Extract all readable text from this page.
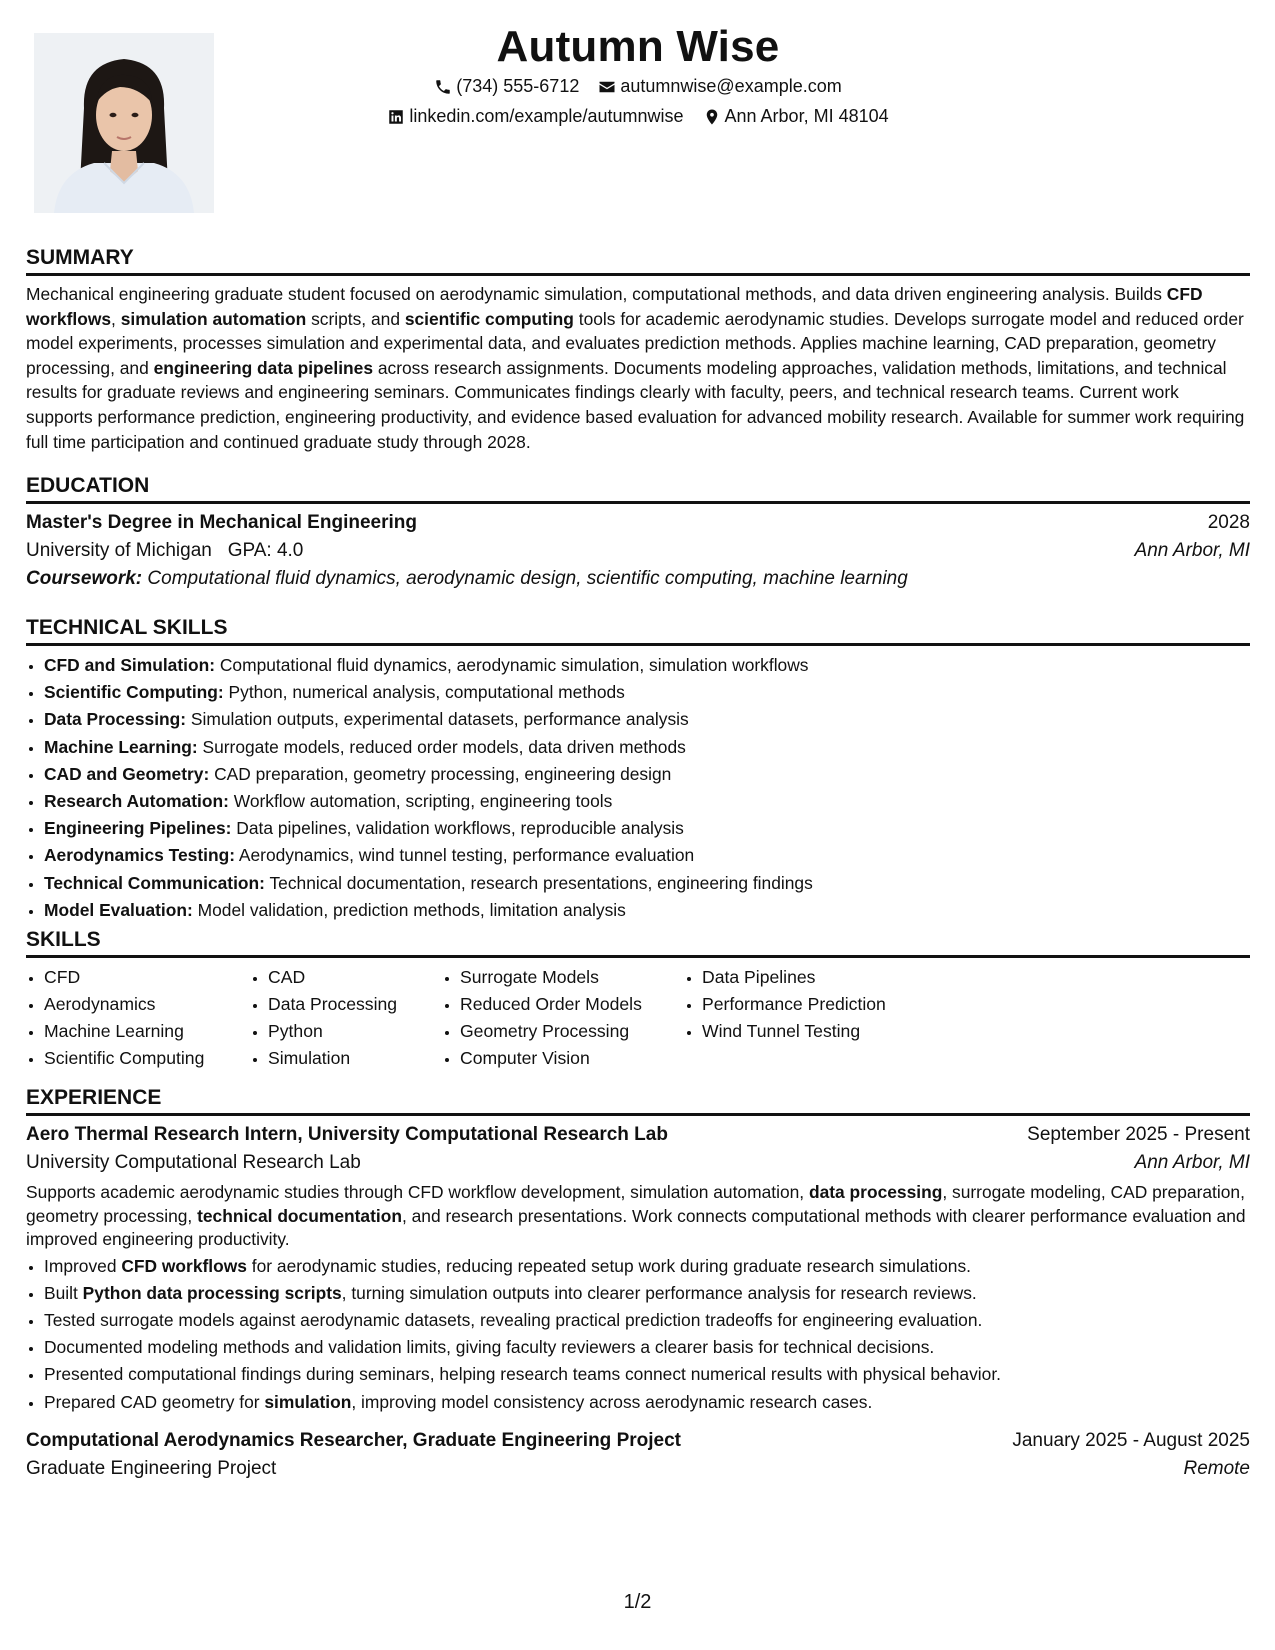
Autumn Wise
(734) 555-6712
autumnwise@example.com
linkedin.com/example/autumnwise
Ann Arbor, MI 48104
SUMMARY

Mechanical engineering graduate student focused on aerodynamic simulation, computational methods, and data driven engineering analysis. Builds CFD workflows, simulation automation scripts, and scientific computing tools for academic aerodynamic studies. Develops surrogate model and reduced order model experiments, processes simulation and experimental data, and evaluates prediction methods. Applies machine learning, CAD preparation, geometry processing, and engineering data pipelines across research assignments. Documents modeling approaches, validation methods, limitations, and technical results for graduate reviews and engineering seminars. Communicates findings clearly with faculty, peers, and technical research teams. Current work supports performance prediction, engineering productivity, and evidence based evaluation for advanced mobility research. Available for summer work requiring full time participation and continued graduate study through 2028.

EDUCATION
Master's Degree in Mechanical Engineering	2028
University of Michigan GPA: 4.0	Ann Arbor, MI
Coursework: Computational fluid dynamics, aerodynamic design, scientific computing, machine learning
TECHNICAL SKILLS
• CFD and Simulation: Computational fluid dynamics, aerodynamic simulation, simulation workflows
• Scientific Computing: Python, numerical analysis, computational methods
• Data Processing: Simulation outputs, experimental datasets, performance analysis
• Machine Learning: Surrogate models, reduced order models, data driven methods
• CAD and Geometry: CAD preparation, geometry processing, engineering design
• Research Automation: Workflow automation, scripting, engineering tools
• Engineering Pipelines: Data pipelines, validation workflows, reproducible analysis
• Aerodynamics Testing: Aerodynamics, wind tunnel testing, performance evaluation
• Technical Communication: Technical documentation, research presentations, engineering findings
• Model Evaluation: Model validation, prediction methods, limitation analysis
SKILLS
• CFD
• Aerodynamics
• Machine Learning
• Scientific Computing
• CAD
• Data Processing
• Python
• Simulation
• Surrogate Models
• Reduced Order Models
• Geometry Processing
• Computer Vision
• Data Pipelines
• Performance Prediction
• Wind Tunnel Testing
EXPERIENCE
Aero Thermal Research Intern, University Computational Research Lab	September 2025 - Present
University Computational Research Lab	Ann Arbor, MI

Supports academic aerodynamic studies through CFD workflow development, simulation automation, data processing, surrogate modeling, CAD preparation, geometry processing, technical documentation, and research presentations. Work connects computational methods with clearer performance evaluation and improved engineering productivity.

• Improved CFD workflows for aerodynamic studies, reducing repeated setup work during graduate research simulations.
• Built Python data processing scripts, turning simulation outputs into clearer performance analysis for research reviews.
• Tested surrogate models against aerodynamic datasets, revealing practical prediction tradeoffs for engineering evaluation.
• Documented modeling methods and validation limits, giving faculty reviewers a clearer basis for technical decisions.
• Presented computational findings during seminars, helping research teams connect numerical results with physical behavior.
• Prepared CAD geometry for simulation, improving model consistency across aerodynamic research cases.
Computational Aerodynamics Researcher, Graduate Engineering Project	January 2025 - August 2025
Graduate Engineering Project	Remote
1/2
